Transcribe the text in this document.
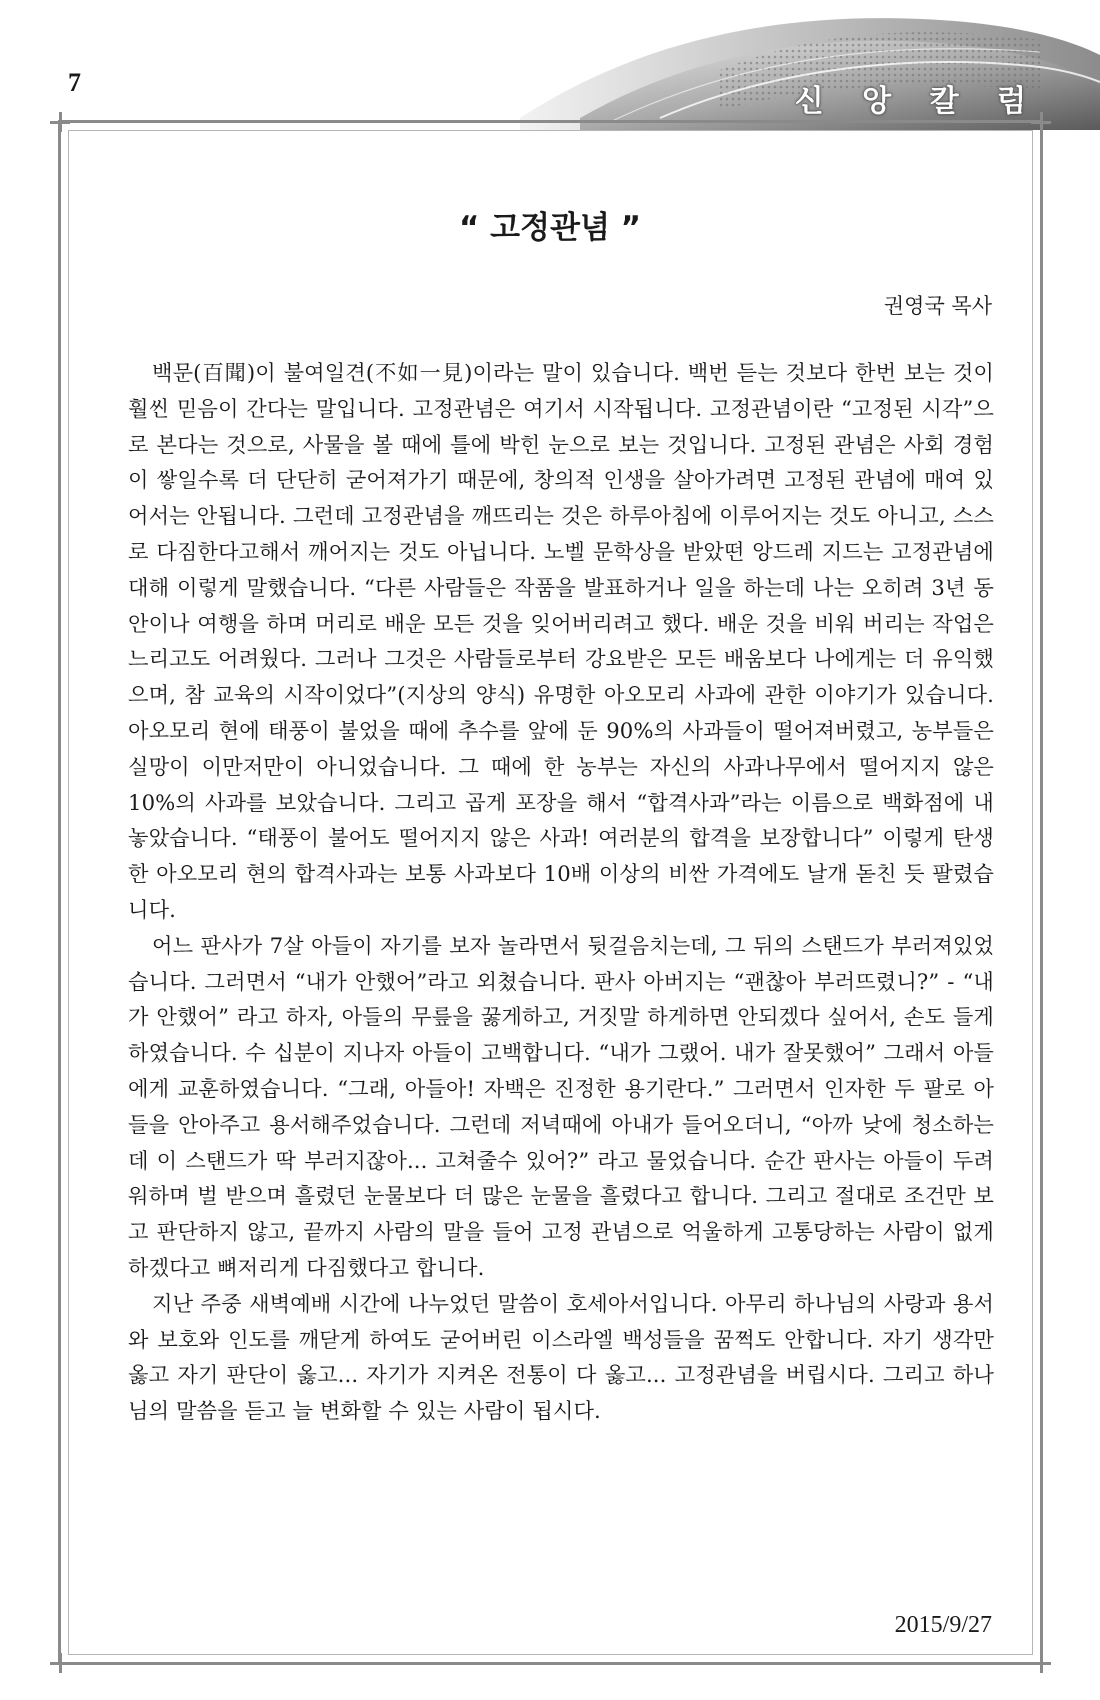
7
신 앙 칼 럼
“ 고정관념 ”
권영국 목사

백문(百聞)이 불여일견(不如一見)이라는 말이 있습니다. 백번 듣는 것보다 한번 보는 것이 훨씬 믿음이 간다는 말입니다. 고정관념은 여기서 시작됩니다. 고정관념이란 “고정된 시각”으로 본다는 것으로, 사물을 볼 때에 틀에 박힌 눈으로 보는 것입니다. 고정된 관념은 사회 경험이 쌓일수록 더 단단히 굳어져가기 때문에, 창의적 인생을 살아가려면 고정된 관념에 매여 있어서는 안됩니다. 그런데 고정관념을 깨뜨리는 것은 하루아침에 이루어지는 것도 아니고, 스스로 다짐한다고해서 깨어지는 것도 아닙니다. 노벨 문학상을 받았떤 앙드레 지드는 고정관념에 대해 이렇게 말했습니다. “다른 사람들은 작품을 발표하거나 일을 하는데 나는 오히려 3년 동안이나 여행을 하며 머리로 배운 모든 것을 잊어버리려고 했다. 배운 것을 비워 버리는 작업은 느리고도 어려웠다. 그러나 그것은 사람들로부터 강요받은 모든 배움보다 나에게는 더 유익했으며, 참 교육의 시작이었다”(지상의 양식) 유명한 아오모리 사과에 관한 이야기가 있습니다. 아오모리 현에 태풍이 불었을 때에 추수를 앞에 둔 90%의 사과들이 떨어져버렸고, 농부들은 실망이 이만저만이 아니었습니다. 그 때에 한 농부는 자신의 사과나무에서 떨어지지 않은 10%의 사과를 보았습니다. 그리고 곱게 포장을 해서 “합격사과”라는 이름으로 백화점에 내 놓았습니다. “태풍이 불어도 떨어지지 않은 사과! 여러분의 합격을 보장합니다” 이렇게 탄생한 아오모리 현의 합격사과는 보통 사과보다 10배 이상의 비싼 가격에도 날개 돋친 듯 팔렸습니다.

어느 판사가 7살 아들이 자기를 보자 놀라면서 뒷걸음치는데, 그 뒤의 스탠드가 부러져있었습니다. 그러면서 “내가 안했어”라고 외쳤습니다. 판사 아버지는 “괜찮아 부러뜨렸니?” - “내가 안했어” 라고 하자, 아들의 무릎을 꿇게하고, 거짓말 하게하면 안되겠다 싶어서, 손도 들게 하였습니다. 수 십분이 지나자 아들이 고백합니다. “내가 그랬어. 내가 잘못했어” 그래서 아들에게 교훈하였습니다. “그래, 아들아! 자백은 진정한 용기란다.” 그러면서 인자한 두 팔로 아들을 안아주고 용서해주었습니다. 그런데 저녁때에 아내가 들어오더니, “아까 낮에 청소하는데 이 스탠드가 딱 부러지잖아... 고쳐줄수 있어?” 라고 물었습니다. 순간 판사는 아들이 두려워하며 벌 받으며 흘렸던 눈물보다 더 많은 눈물을 흘렸다고 합니다. 그리고 절대로 조건만 보고 판단하지 않고, 끝까지 사람의 말을 들어 고정 관념으로 억울하게 고통당하는 사람이 없게 하겠다고 뼈저리게 다짐했다고 합니다.

지난 주중 새벽예배 시간에 나누었던 말씀이 호세아서입니다. 아무리 하나님의 사랑과 용서와 보호와 인도를 깨닫게 하여도 굳어버린 이스라엘 백성들을 꿈쩍도 안합니다. 자기 생각만 옳고 자기 판단이 옳고... 자기가 지켜온 전통이 다 옳고... 고정관념을 버립시다. 그리고 하나님의 말씀을 듣고 늘 변화할 수 있는 사람이 됩시다.

2015/9/27
